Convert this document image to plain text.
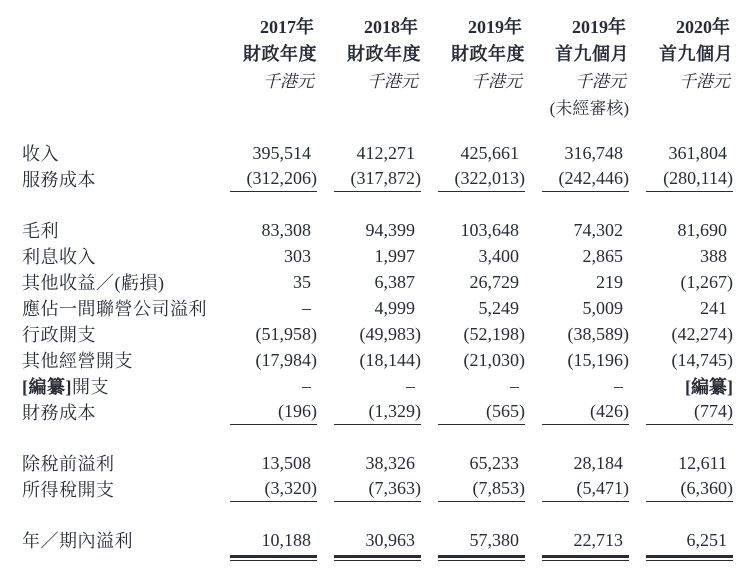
2017年	2018年	2019年	2019年	2020年
財政年度	財政年度	財政年度	首九個月	首九個月
千港元	千港元	千港元	千港元	千港元
(未經審核)
收入	395,514	412,271	425,661	316,748	361,804
服務成本	(312,206)	(317,872)	(322,013)	(242,446)	(280,114)
毛利	83,308	94,399	103,648	74,302	81,690
利息收入	303	1,997	3,400	2,865	388
其他收益／(虧損)	35	6,387	26,729	219	(1,267)
應佔一間聯營公司溢利	–	4,999	5,249	5,009	241
行政開支	(51,958)	(49,983)	(52,198)	(38,589)	(42,274)
其他經營開支	(17,984)	(18,144)	(21,030)	(15,196)	(14,745)
[編纂] 開支	–	–	–	–	[編纂]
財務成本	(196)	(1,329)	(565)	(426)	(774)
除稅前溢利	13,508	38,326	65,233	28,184	12,611
所得稅開支	(3,320)	(7,363)	(7,853)	(5,471)	(6,360)
年／期內溢利	10,188	30,963	57,380	22,713	6,251
